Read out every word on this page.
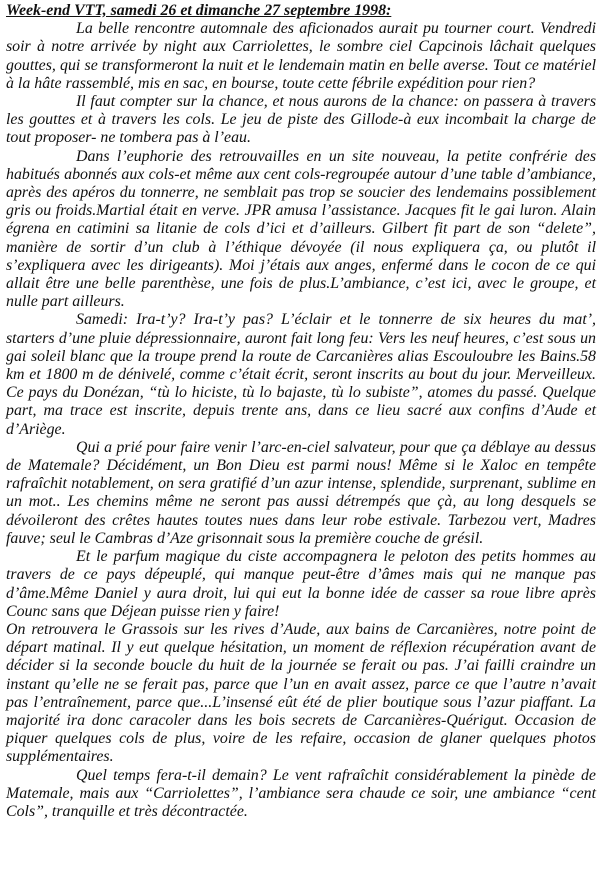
Week-end VTT, samedi 26 et dimanche 27 septembre 1998:

La belle rencontre automnale des aficionados aurait pu tourner court. Vendredi soir à notre arrivée by night aux Carriolettes, le sombre ciel Capcinois lâchait quelques gouttes, qui se transformeront la nuit et le lendemain matin en belle averse. Tout ce matériel à la hâte rassemblé, mis en sac, en bourse, toute cette fébrile expédition pour rien?

Il faut compter sur la chance, et nous aurons de la chance: on passera à travers les gouttes et à travers les cols. Le jeu de piste des Gillode-à eux incombait la charge de tout proposer- ne tombera pas à l’eau.

Dans l’euphorie des retrouvailles en un site nouveau, la petite confrérie des habitués abonnés aux cols-et même aux cent cols-regroupée autour d’une table d’ambiance, après des apéros du tonnerre, ne semblait pas trop se soucier des lendemains possiblement gris ou froids.Martial était en verve. JPR amusa l’assistance. Jacques fit le gai luron. Alain égrena en catimini sa litanie de cols d’ici et d’ailleurs. Gilbert fit part de son “delete”, manière de sortir d’un club à l’éthique dévoyée (il nous expliquera ça, ou plutôt il s’expliquera avec les dirigeants). Moi j’étais aux anges, enfermé dans le cocon de ce qui allait être une belle parenthèse, une fois de plus.L’ambiance, c’est ici, avec le groupe, et nulle part ailleurs.

Samedi: Ira-t’y? Ira-t’y pas? L’éclair et le tonnerre de six heures du mat’, starters d’une pluie dépressionnaire, auront fait long feu: Vers les neuf heures, c’est sous un gai soleil blanc que la troupe prend la route de Carcanières alias Escouloubre les Bains.58 km et 1800 m de dénivelé, comme c’était écrit, seront inscrits au bout du jour. Merveilleux. Ce pays du Donézan, “tù lo hiciste, tù lo bajaste, tù lo subiste”, atomes du passé. Quelque part, ma trace est inscrite, depuis trente ans, dans ce lieu sacré aux confins d’Aude et d’Ariège.

Qui a prié pour faire venir l’arc-en-ciel salvateur, pour que ça déblaye au dessus de Matemale? Décidément, un Bon Dieu est parmi nous! Même si le Xaloc en tempête rafraîchit notablement, on sera gratifié d’un azur intense, splendide, surprenant, sublime en un mot.. Les chemins même ne seront pas aussi détrempés que çà, au long desquels se dévoileront des crêtes hautes toutes nues dans leur robe estivale. Tarbezou vert, Madres fauve; seul le Cambras d’Aze grisonnait sous la première couche de grésil.

Et le parfum magique du ciste accompagnera le peloton des petits hommes au travers de ce pays dépeuplé, qui manque peut-être d’âmes mais qui ne manque pas d’âme.Même Daniel y aura droit, lui qui eut la bonne idée de casser sa roue libre après Counc sans que Déjean puisse rien y faire!

On retrouvera le Grassois sur les rives d’Aude, aux bains de Carcanières, notre point de départ matinal. Il y eut quelque hésitation, un moment de réflexion récupération avant de décider si la seconde boucle du huit de la journée se ferait ou pas. J’ai failli craindre un instant qu’elle ne se ferait pas, parce que l’un en avait assez, parce ce que l’autre n’avait pas l’entraînement, parce que...L’insensé eût été de plier boutique sous l’azur piaffant. La majorité ira donc caracoler dans les bois secrets de Carcanières-Quérigut. Occasion de piquer quelques cols de plus, voire de les refaire, occasion de glaner quelques photos supplémentaires.

Quel temps fera-t-il demain? Le vent rafraîchit considérablement la pinède de Matemale, mais aux “Carriolettes”, l’ambiance sera chaude ce soir, une ambiance “cent Cols”, tranquille et très décontractée.
